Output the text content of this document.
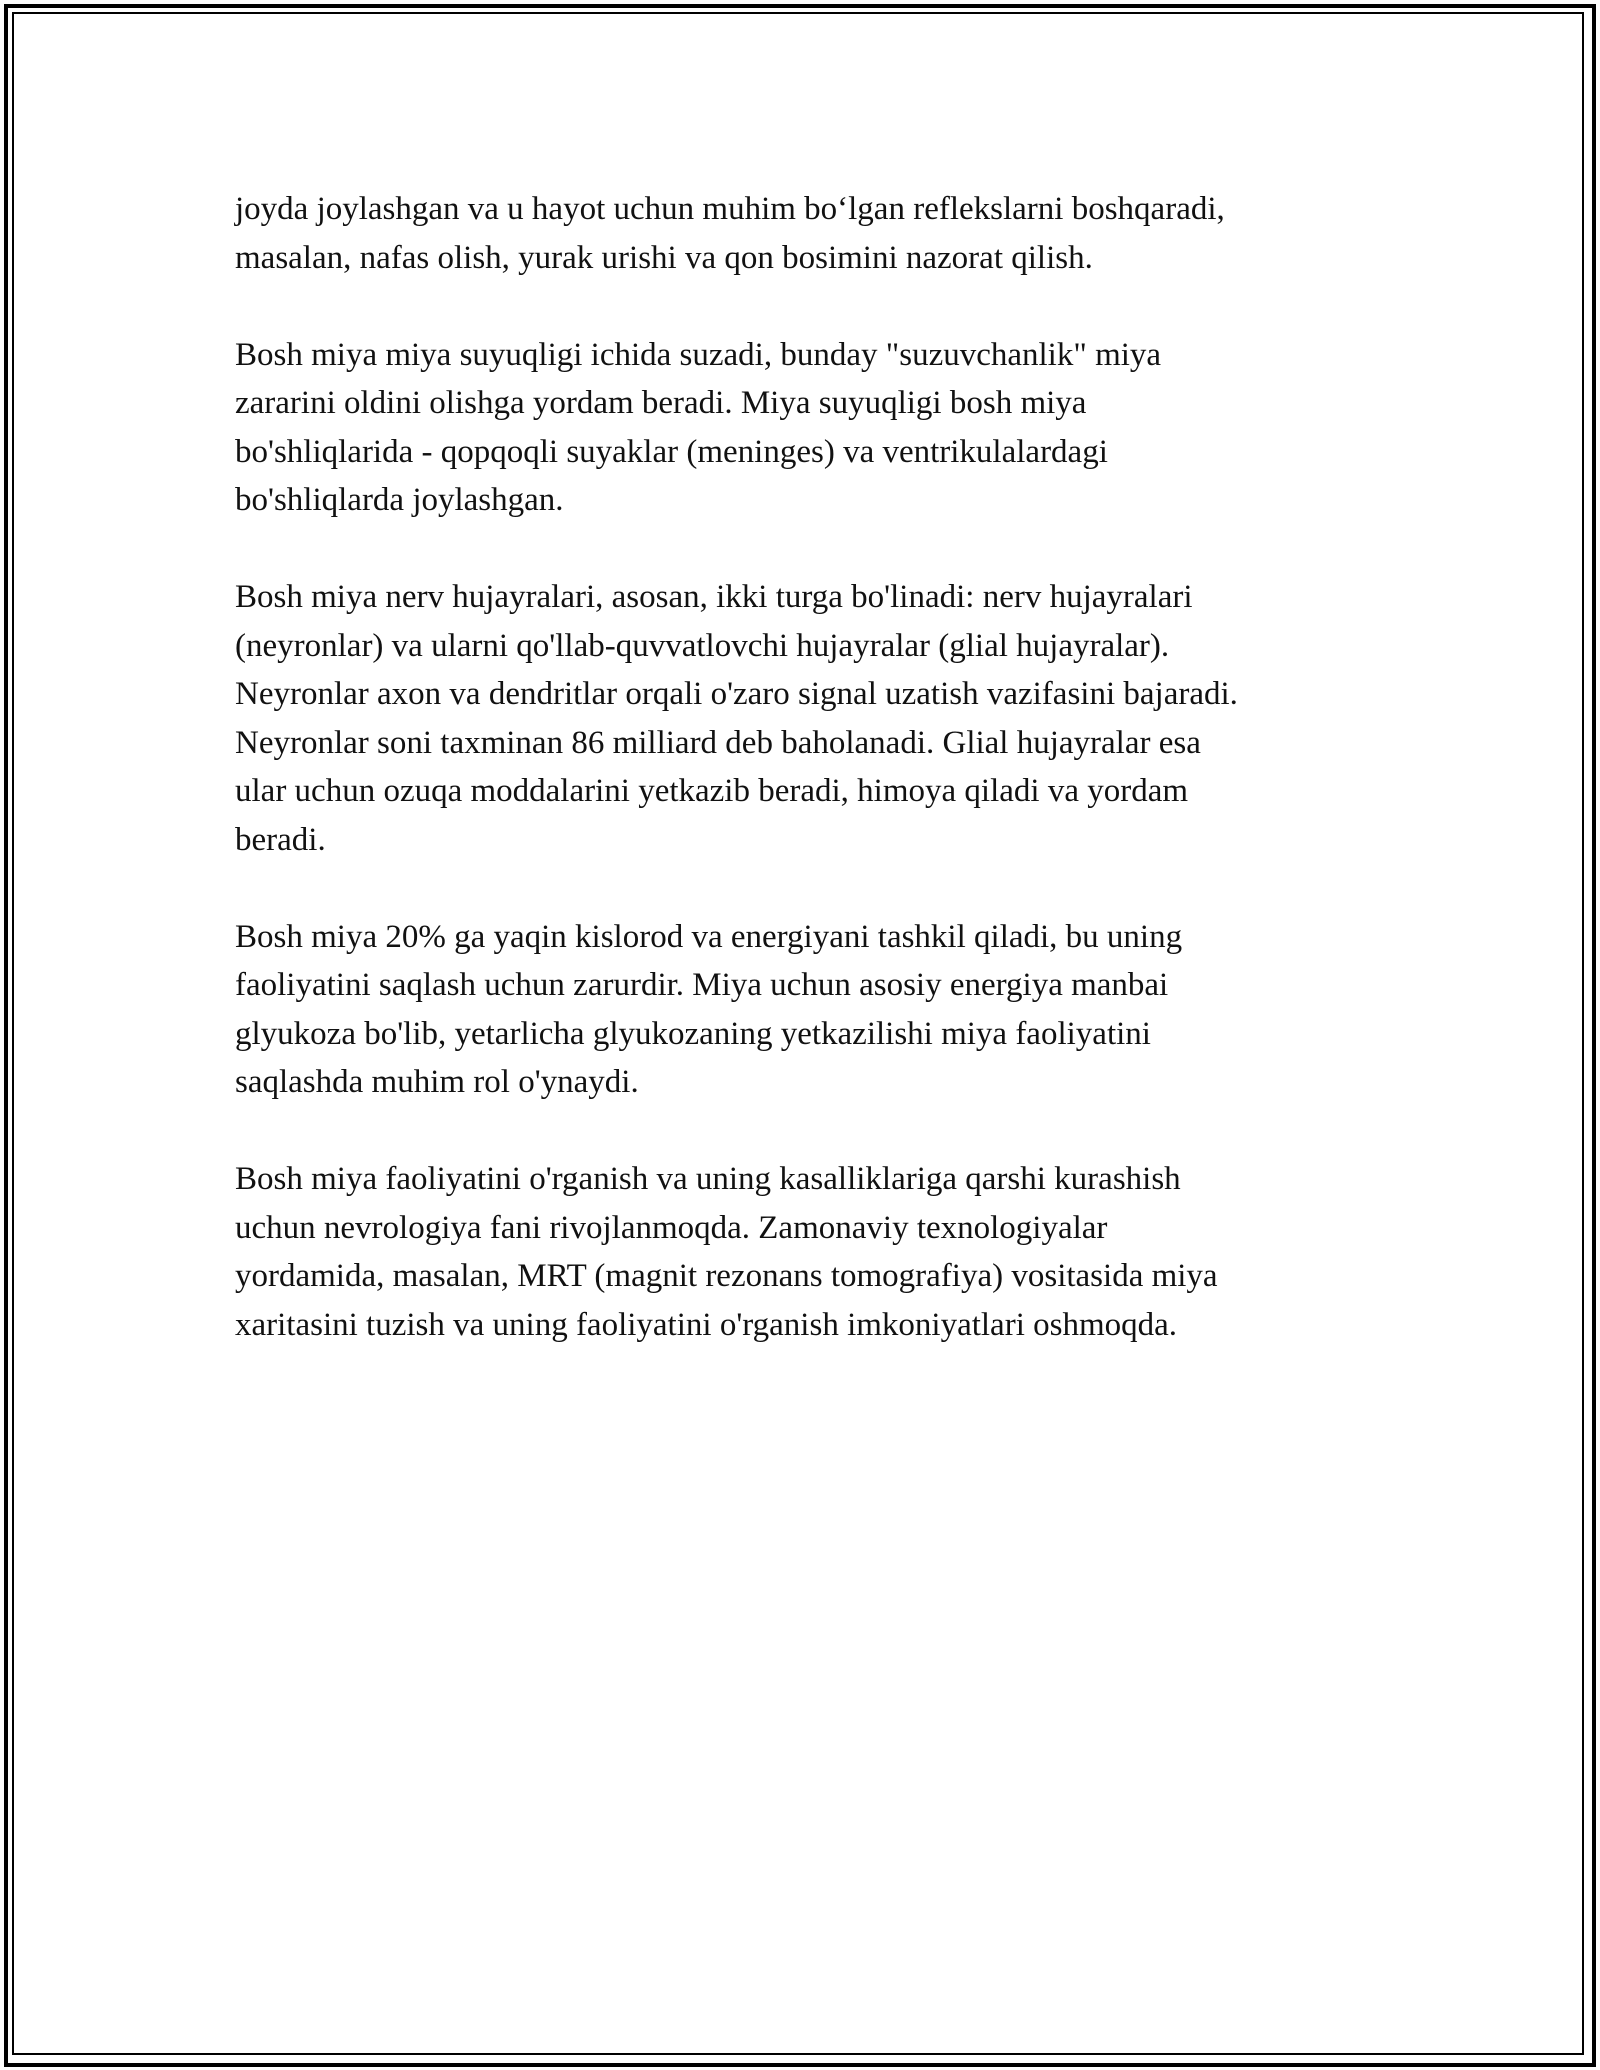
joyda joylashgan va u hayot uchun muhim bo‘lgan reflekslarni boshqaradi,
masalan, nafas olish, yurak urishi va qon bosimini nazorat qilish.

Bosh miya miya suyuqligi ichida suzadi, bunday "suzuvchanlik" miya
zararini oldini olishga yordam beradi. Miya suyuqligi bosh miya
bo'shliqlarida - qopqoqli suyaklar (meninges) va ventrikulalardagi
bo'shliqlarda joylashgan.

Bosh miya nerv hujayralari, asosan, ikki turga bo'linadi: nerv hujayralari
(neyronlar) va ularni qo'llab-quvvatlovchi hujayralar (glial hujayralar).
Neyronlar axon va dendritlar orqali o'zaro signal uzatish vazifasini bajaradi.
Neyronlar soni taxminan 86 milliard deb baholanadi. Glial hujayralar esa
ular uchun ozuqa moddalarini yetkazib beradi, himoya qiladi va yordam
beradi.

Bosh miya 20% ga yaqin kislorod va energiyani tashkil qiladi, bu uning
faoliyatini saqlash uchun zarurdir. Miya uchun asosiy energiya manbai
glyukoza bo'lib, yetarlicha glyukozaning yetkazilishi miya faoliyatini
saqlashda muhim rol o'ynaydi.

Bosh miya faoliyatini o'rganish va uning kasalliklariga qarshi kurashish
uchun nevrologiya fani rivojlanmoqda. Zamonaviy texnologiyalar
yordamida, masalan, MRT (magnit rezonans tomografiya) vositasida miya
xaritasini tuzish va uning faoliyatini o'rganish imkoniyatlari oshmoqda.
